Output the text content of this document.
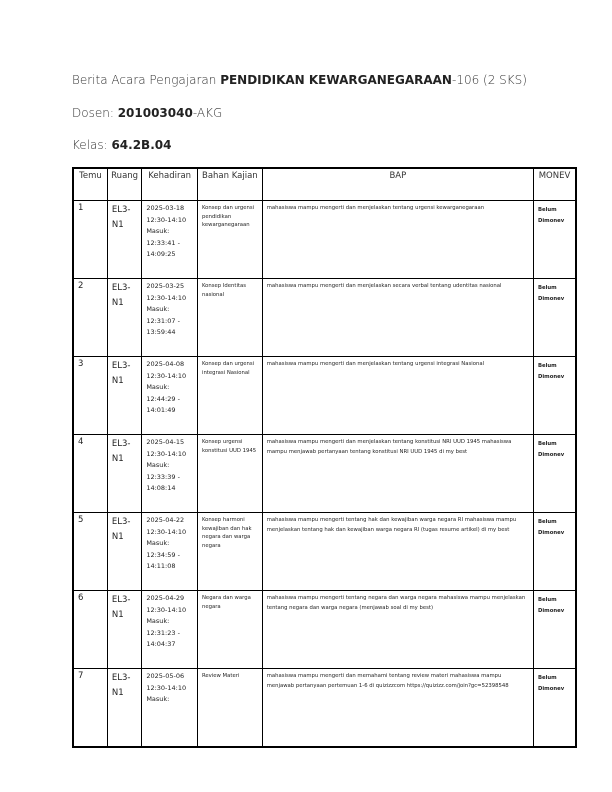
Berita Acara Pengajaran PENDIDIKAN KEWARGANEGARAAN-106 (2 SKS)
Dosen: 201003040-AKG
Kelas: 64.2B.04
Temu	Ruang	Kehadiran	Bahan Kajian	BAP	MONEV
1	EL3-N1	2025-03-18 12:30-14:10 Masuk: 12:33:41 - 14:09:25	Konsep dan urgensi pendidikan kewarganegaraan	mahasiswa mampu mengerti dan menjelaskan tentang urgensi kewarganegaraan	Belum Dimonev
2	EL3-N1	2025-03-25 12:30-14:10 Masuk: 12:31:07 - 13:59:44	Konsep Identitas nasional	mahasiswa mampu mengerti dan menjelaskan secara verbal tentang udentitas nasional	Belum Dimonev
3	EL3-N1	2025-04-08 12:30-14:10 Masuk: 12:44:29 - 14:01:49	Konsep dan urgensi integrasi Nasional	mahasiswa mampu mengerti dan menjelaskan tentang urgensi integrasi Nasional	Belum Dimonev
4	EL3-N1	2025-04-15 12:30-14:10 Masuk: 12:33:39 - 14:08:14	Konsep urgensi konstitusi UUD 1945	mahasiswa mampu mengerti dan menjelaskan tentang konstitusi NRI UUD 1945 mahasiswa mampu menjawab pertanyaan tentang konstitusi NRI UUD 1945 di my best	Belum Dimonev
5	EL3-N1	2025-04-22 12:30-14:10 Masuk: 12:34:59 - 14:11:08	Konsep harmoni kewajiban dan hak negara dan warga negara	mahasiswa mampu mengerti tentang hak dan kewajiban warga negara RI mahasiswa mampu menjelaskan tentang hak dan kewajiban warga negara RI (tugas resume artikel) di my best	Belum Dimonev
6	EL3-N1	2025-04-29 12:30-14:10 Masuk: 12:31:23 - 14:04:37	Negara dan warga negara	mahasiswa mampu mengerti tentang negara dan warga negara mahasiswa mampu menjelaskan tentang negara dan warga negara (menjawab soal di my best)	Belum Dimonev
7	EL3-N1	2025-05-06 12:30-14:10 Masuk:	Review Materi	mahasiswa mampu mengerti dan memahami tentang review materi mahasiswa mampu menjawab pertanyaan pertemuan 1-6 di quizizzcom https://quizizz.com/join?gc=52398548	Belum Dimonev
